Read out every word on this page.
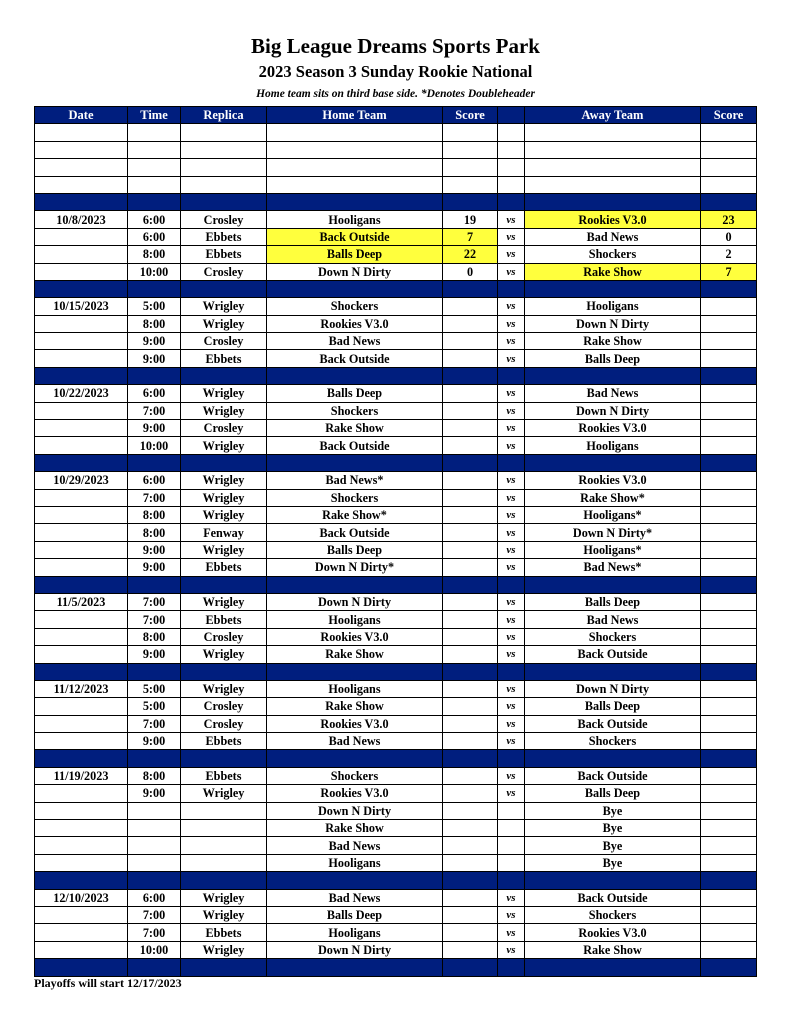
Big League Dreams Sports Park
2023 Season 3 Sunday Rookie National
Home team sits on third base side. *Denotes Doubleheader
Date	Time	Replica	Home Team	Score		Away Team	Score

10/8/2023	6:00	Crosley	Hooligans	19	vs	Rookies V3.0	23
	6:00	Ebbets	Back Outside	7	vs	Bad News	0
	8:00	Ebbets	Balls Deep	22	vs	Shockers	2
	10:00	Crosley	Down N Dirty	0	vs	Rake Show	7

10/15/2023	5:00	Wrigley	Shockers		vs	Hooligans	
	8:00	Wrigley	Rookies V3.0		vs	Down N Dirty	
	9:00	Crosley	Bad News		vs	Rake Show	
	9:00	Ebbets	Back Outside		vs	Balls Deep	

10/22/2023	6:00	Wrigley	Balls Deep		vs	Bad News	
	7:00	Wrigley	Shockers		vs	Down N Dirty	
	9:00	Crosley	Rake Show		vs	Rookies V3.0	
	10:00	Wrigley	Back Outside		vs	Hooligans	

10/29/2023	6:00	Wrigley	Bad News*		vs	Rookies V3.0	
	7:00	Wrigley	Shockers		vs	Rake Show*	
	8:00	Wrigley	Rake Show*		vs	Hooligans*	
	8:00	Fenway	Back Outside		vs	Down N Dirty*	
	9:00	Wrigley	Balls Deep		vs	Hooligans*	
	9:00	Ebbets	Down N Dirty*		vs	Bad News*	

11/5/2023	7:00	Wrigley	Down N Dirty		vs	Balls Deep	
	7:00	Ebbets	Hooligans		vs	Bad News	
	8:00	Crosley	Rookies V3.0		vs	Shockers	
	9:00	Wrigley	Rake Show		vs	Back Outside	

11/12/2023	5:00	Wrigley	Hooligans		vs	Down N Dirty	
	5:00	Crosley	Rake Show		vs	Balls Deep	
	7:00	Crosley	Rookies V3.0		vs	Back Outside	
	9:00	Ebbets	Bad News		vs	Shockers	

11/19/2023	8:00	Ebbets	Shockers		vs	Back Outside	
	9:00	Wrigley	Rookies V3.0		vs	Balls Deep	
			Down N Dirty			Bye	
			Rake Show			Bye	
			Bad News			Bye	
			Hooligans			Bye	

12/10/2023	6:00	Wrigley	Bad News		vs	Back Outside	
	7:00	Wrigley	Balls Deep		vs	Shockers	
	7:00	Ebbets	Hooligans		vs	Rookies V3.0	
	10:00	Wrigley	Down N Dirty		vs	Rake Show	

Playoffs will start 12/17/2023
